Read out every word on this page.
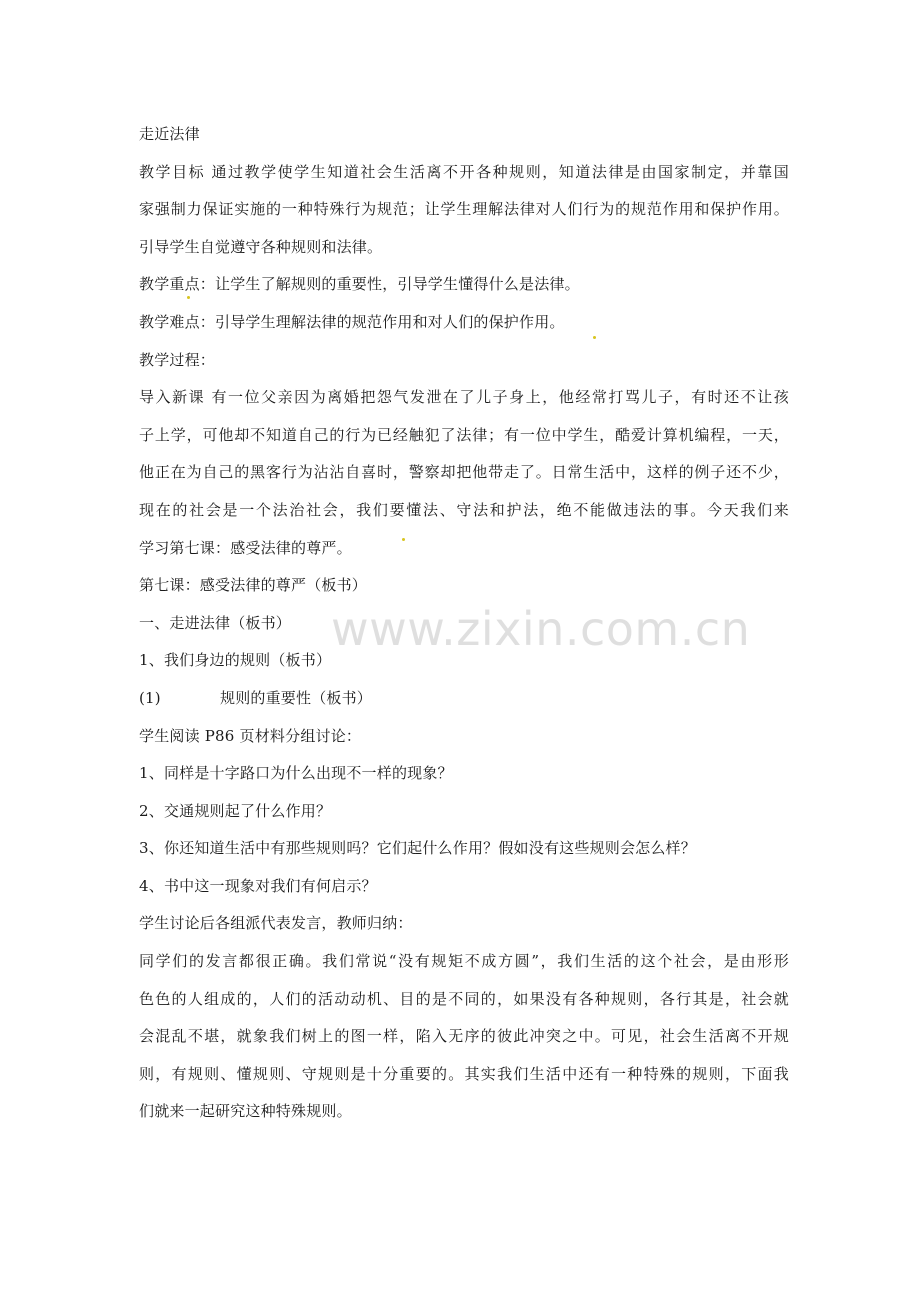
走近法律
教学目标 通过教学使学生知道社会生活离不开各种规则，知道法律是由国家制定，并靠国
家强制力保证实施的一种特殊行为规范；让学生理解法律对人们行为的规范作用和保护作用。
引导学生自觉遵守各种规则和法律。
教学重点：让学生了解规则的重要性，引导学生懂得什么是法律。
教学难点：引导学生理解法律的规范作用和对人们的保护作用。
教学过程：
导入新课 有一位父亲因为离婚把怨气发泄在了儿子身上，他经常打骂儿子，有时还不让孩
子上学，可他却不知道自己的行为已经触犯了法律；有一位中学生，酷爱计算机编程，一天，
他正在为自己的黑客行为沾沾自喜时，警察却把他带走了。日常生活中，这样的例子还不少，
现在的社会是一个法治社会，我们要懂法、守法和护法，绝不能做违法的事。今天我们来
学习第七课：感受法律的尊严。
第七课：感受法律的尊严（板书）
一、走进法律（板书）
1、我们身边的规则（板书）
(1)	规则的重要性（板书）
学生阅读 P86 页材料分组讨论：
1、同样是十字路口为什么出现不一样的现象？
2、交通规则起了什么作用？
3、你还知道生活中有那些规则吗？它们起什么作用？假如没有这些规则会怎么样？
4、书中这一现象对我们有何启示？
学生讨论后各组派代表发言，教师归纳：
同学们的发言都很正确。我们常说“没有规矩不成方圆”，我们生活的这个社会，是由形形
色色的人组成的，人们的活动动机、目的是不同的，如果没有各种规则，各行其是，社会就
会混乱不堪，就象我们树上的图一样，陷入无序的彼此冲突之中。可见，社会生活离不开规
则，有规则、懂规则、守规则是十分重要的。其实我们生活中还有一种特殊的规则，下面我
们就来一起研究这种特殊规则。
www.zixin.com.cn
